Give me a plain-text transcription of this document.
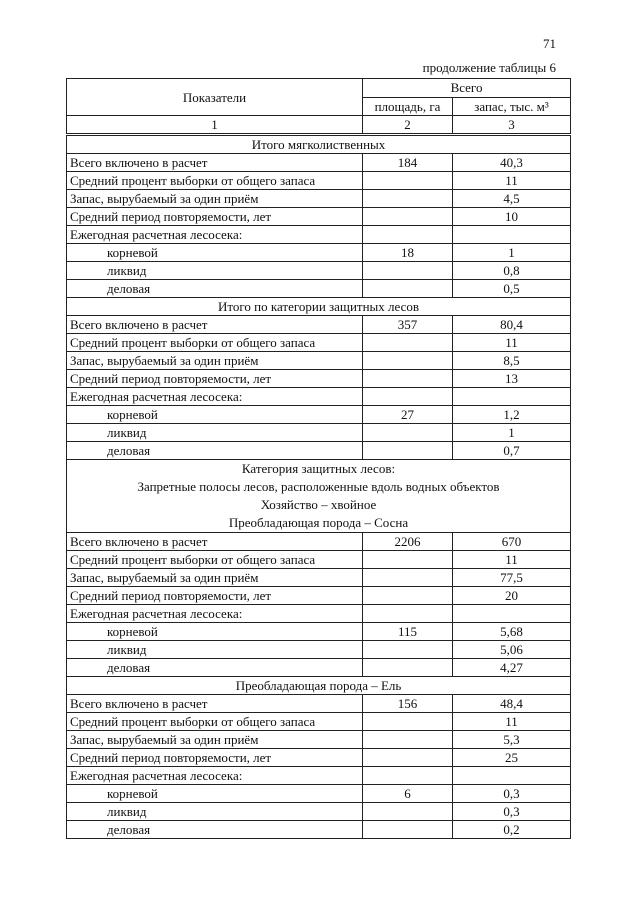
71
продолжение таблицы 6
Показатели	Всего	
	площадь, га	запас, тыс. м³
1	2	3

Итого мягколиственных		

Всего включено в расчет	184	40,3
Средний процент выборки от общего запаса		11
Запас, вырубаемый за один приём		4,5
Средний период повторяемости, лет		10
Ежегодная расчетная лесосека:		
корневой	18	1
ликвид		0,8
деловая		0,5

Итого по категории защитных лесов		

Всего включено в расчет	357	80,4
Средний процент выборки от общего запаса		11
Запас, вырубаемый за один приём		8,5
Средний период повторяемости, лет		13
Ежегодная расчетная лесосека:		
корневой	27	1,2
ликвид		1
деловая		0,7

Категория защитных лесов:
Запретные полосы лесов, расположенные вдоль водных объектов
Хозяйство – хвойное
Преобладающая порода – Сосна		

Всего включено в расчет	2206	670
Средний процент выборки от общего запаса		11
Запас, вырубаемый за один приём		77,5
Средний период повторяемости, лет		20
Ежегодная расчетная лесосека:		
корневой	115	5,68
ликвид		5,06
деловая		4,27

Преобладающая порода – Ель		

Всего включено в расчет	156	48,4
Средний процент выборки от общего запаса		11
Запас, вырубаемый за один приём		5,3
Средний период повторяемости, лет		25
Ежегодная расчетная лесосека:		
корневой	6	0,3
ликвид		0,3
деловая		0,2
